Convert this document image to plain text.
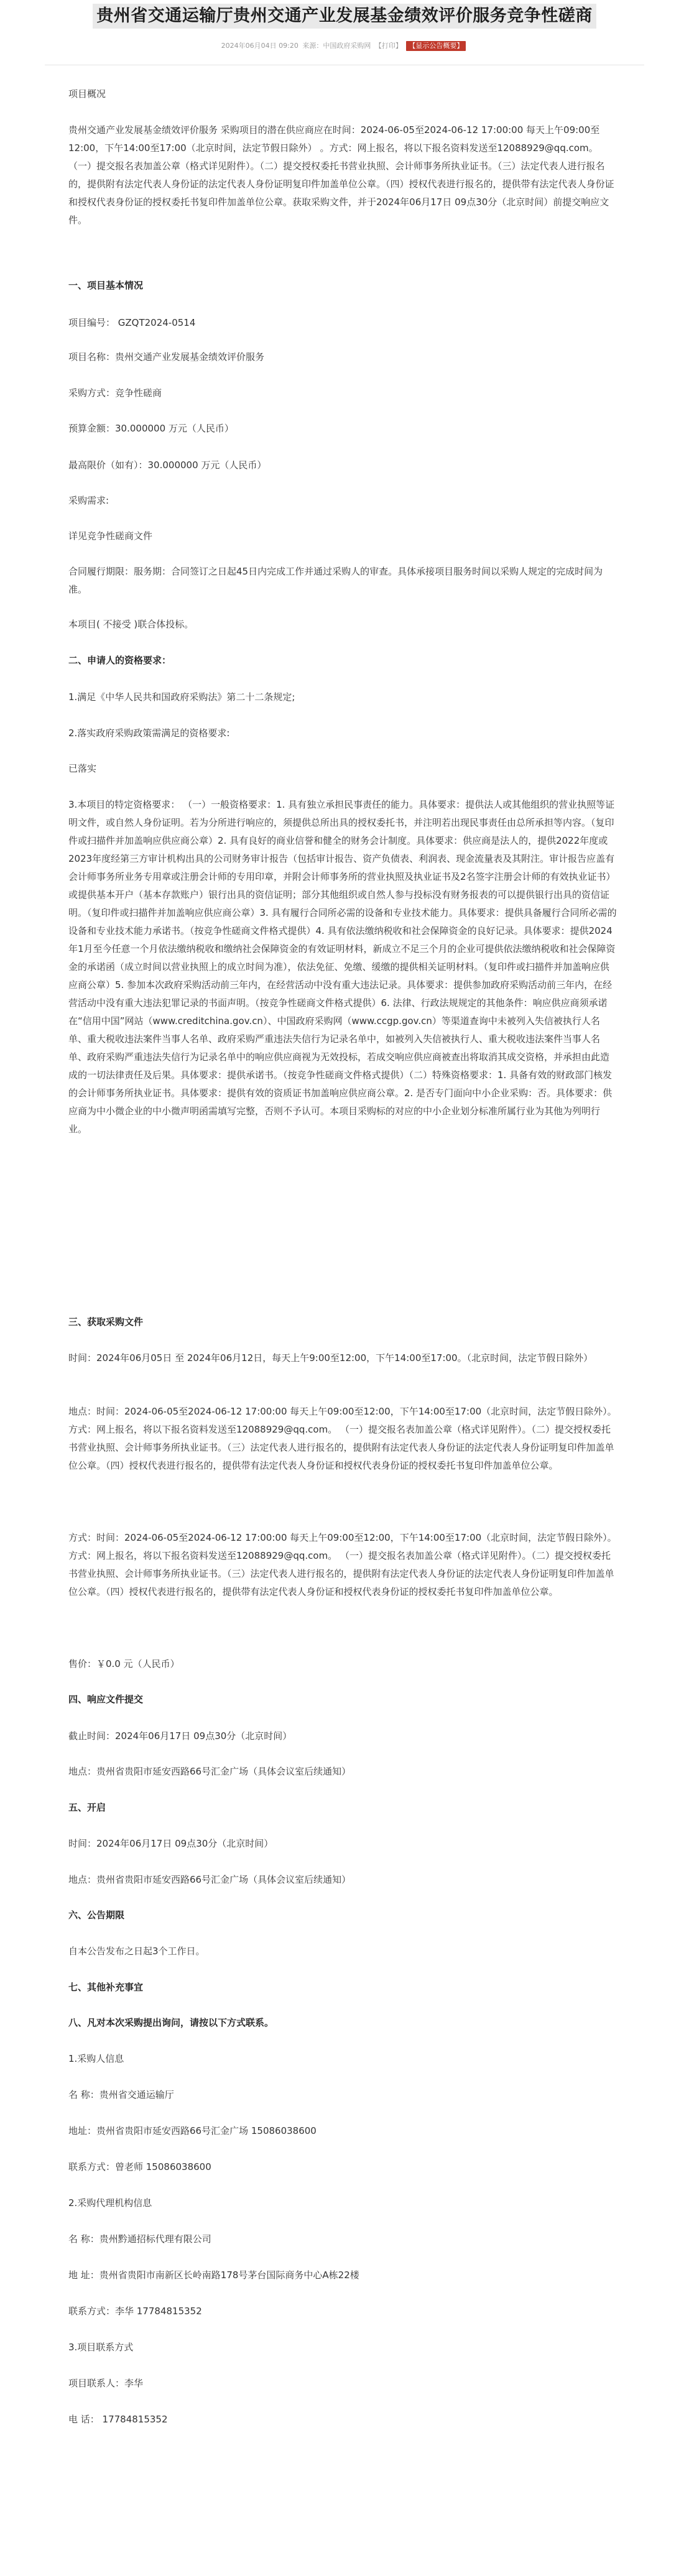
贵州省交通运输厅贵州交通产业发展基金绩效评价服务竞争性磋商
2024年06月04日 09:20 来源：中国政府采购网 【打印】 【显示公告概要】

项目概况

贵州交通产业发展基金绩效评价服务 采购项目的潜在供应商应在时间：2024-06-05至2024-06-12 17:00:00 每天上午09:00至12:00，下午14:00至17:00（北京时间，法定节假日除外） 。方式：网上报名，将以下报名资料发送至12088929@qq.com。 （一）提交报名表加盖公章（格式详见附件）。（二）提交授权委托书营业执照、会计师事务所执业证书。（三）法定代表人进行报名的，提供附有法定代表人身份证的法定代表人身份证明复印件加盖单位公章。（四）授权代表进行报名的，提供带有法定代表人身份证和授权代表身份证的授权委托书复印件加盖单位公章。获取采购文件，并于2024年06月17日 09点30分（北京时间）前提交响应文件。

一、项目基本情况

项目编号： GZQT2024-0514

项目名称：贵州交通产业发展基金绩效评价服务

采购方式：竞争性磋商

预算金额：30.000000 万元（人民币）

最高限价（如有）：30.000000 万元（人民币）

采购需求:

详见竞争性磋商文件

合同履行期限：服务期：合同签订之日起45日内完成工作并通过采购人的审查。具体承接项目服务时间以采购人规定的完成时间为准。

本项目( 不接受 )联合体投标。

二、申请人的资格要求：

1.满足《中华人民共和国政府采购法》第二十二条规定;

2.落实政府采购政策需满足的资格要求:

已落实

3.本项目的特定资格要求： （一）一般资格要求：1. 具有独立承担民事责任的能力。具体要求：提供法人或其他组织的营业执照等证明文件，或自然人身份证明。若为分所进行响应的，须提供总所出具的授权委托书，并注明若出现民事责任由总所承担等内容。（复印件或扫描件并加盖响应供应商公章）2. 具有良好的商业信誉和健全的财务会计制度。具体要求：供应商是法人的，提供2022年度或2023年度经第三方审计机构出具的公司财务审计报告（包括审计报告、资产负债表、利润表、现金流量表及其附注。审计报告应盖有会计师事务所业务专用章或注册会计师的专用印章，并附会计师事务所的营业执照及执业证书及2名签字注册会计师的有效执业证书）或提供基本开户（基本存款账户）银行出具的资信证明；部分其他组织或自然人参与投标没有财务报表的可以提供银行出具的资信证明。（复印件或扫描件并加盖响应供应商公章）3. 具有履行合同所必需的设备和专业技术能力。具体要求：提供具备履行合同所必需的设备和专业技术能力承诺书。（按竞争性磋商文件格式提供）4. 具有依法缴纳税收和社会保障资金的良好记录。具体要求：提供2024年1月至今任意一个月依法缴纳税收和缴纳社会保障资金的有效证明材料，新成立不足三个月的企业可提供依法缴纳税收和社会保障资金的承诺函（成立时间以营业执照上的成立时间为准），依法免征、免缴、缓缴的提供相关证明材料。（复印件或扫描件并加盖响应供应商公章）5. 参加本次政府采购活动前三年内，在经营活动中没有重大违法记录。具体要求：提供参加政府采购活动前三年内，在经营活动中没有重大违法犯罪记录的书面声明。（按竞争性磋商文件格式提供）6. 法律、行政法规规定的其他条件：响应供应商须承诺在“信用中国”网站（www.creditchina.gov.cn）、中国政府采购网（www.ccgp.gov.cn）等渠道查询中未被列入失信被执行人名单、重大税收违法案件当事人名单、政府采购严重违法失信行为记录名单中，如被列入失信被执行人、重大税收违法案件当事人名单、政府采购严重违法失信行为记录名单中的响应供应商视为无效投标，若成交响应供应商被查出将取消其成交资格，并承担由此造成的一切法律责任及后果。具体要求：提供承诺书。（按竞争性磋商文件格式提供）（二）特殊资格要求：1. 具备有效的财政部门核发的会计师事务所执业证书。具体要求：提供有效的资质证书加盖响应供应商公章。2. 是否专门面向中小企业采购：否。具体要求：供应商为中小微企业的中小微声明函需填写完整，否则不予认可。本项目采购标的对应的中小企业划分标准所属行业为其他为列明行业。

三、获取采购文件

时间：2024年06月05日 至 2024年06月12日，每天上午9:00至12:00，下午14:00至17:00。（北京时间，法定节假日除外）

地点：时间：2024-06-05至2024-06-12 17:00:00 每天上午09:00至12:00，下午14:00至17:00（北京时间，法定节假日除外）。方式：网上报名，将以下报名资料发送至12088929@qq.com。 （一）提交报名表加盖公章（格式详见附件）。（二）提交授权委托书营业执照、会计师事务所执业证书。（三）法定代表人进行报名的，提供附有法定代表人身份证的法定代表人身份证明复印件加盖单位公章。（四）授权代表进行报名的，提供带有法定代表人身份证和授权代表身份证的授权委托书复印件加盖单位公章。

方式：时间：2024-06-05至2024-06-12 17:00:00 每天上午09:00至12:00，下午14:00至17:00（北京时间，法定节假日除外）。方式：网上报名，将以下报名资料发送至12088929@qq.com。 （一）提交报名表加盖公章（格式详见附件）。（二）提交授权委托书营业执照、会计师事务所执业证书。（三）法定代表人进行报名的，提供附有法定代表人身份证的法定代表人身份证明复印件加盖单位公章。（四）授权代表进行报名的，提供带有法定代表人身份证和授权代表身份证的授权委托书复印件加盖单位公章。

售价：￥0.0 元（人民币）

四、响应文件提交

截止时间：2024年06月17日 09点30分（北京时间）

地点：贵州省贵阳市延安西路66号汇金广场（具体会议室后续通知）

五、开启

时间：2024年06月17日 09点30分（北京时间）

地点：贵州省贵阳市延安西路66号汇金广场（具体会议室后续通知）

六、公告期限

自本公告发布之日起3个工作日。

七、其他补充事宜

八、凡对本次采购提出询问，请按以下方式联系。

1.采购人信息

名 称：贵州省交通运输厅

地址：贵州省贵阳市延安西路66号汇金广场 15086038600

联系方式：曾老师 15086038600

2.采购代理机构信息

名 称：贵州黔通招标代理有限公司

地 址：贵州省贵阳市南新区长岭南路178号茅台国际商务中心A栋22楼

联系方式：李华 17784815352

3.项目联系方式

项目联系人：李华

电 话： 17784815352
